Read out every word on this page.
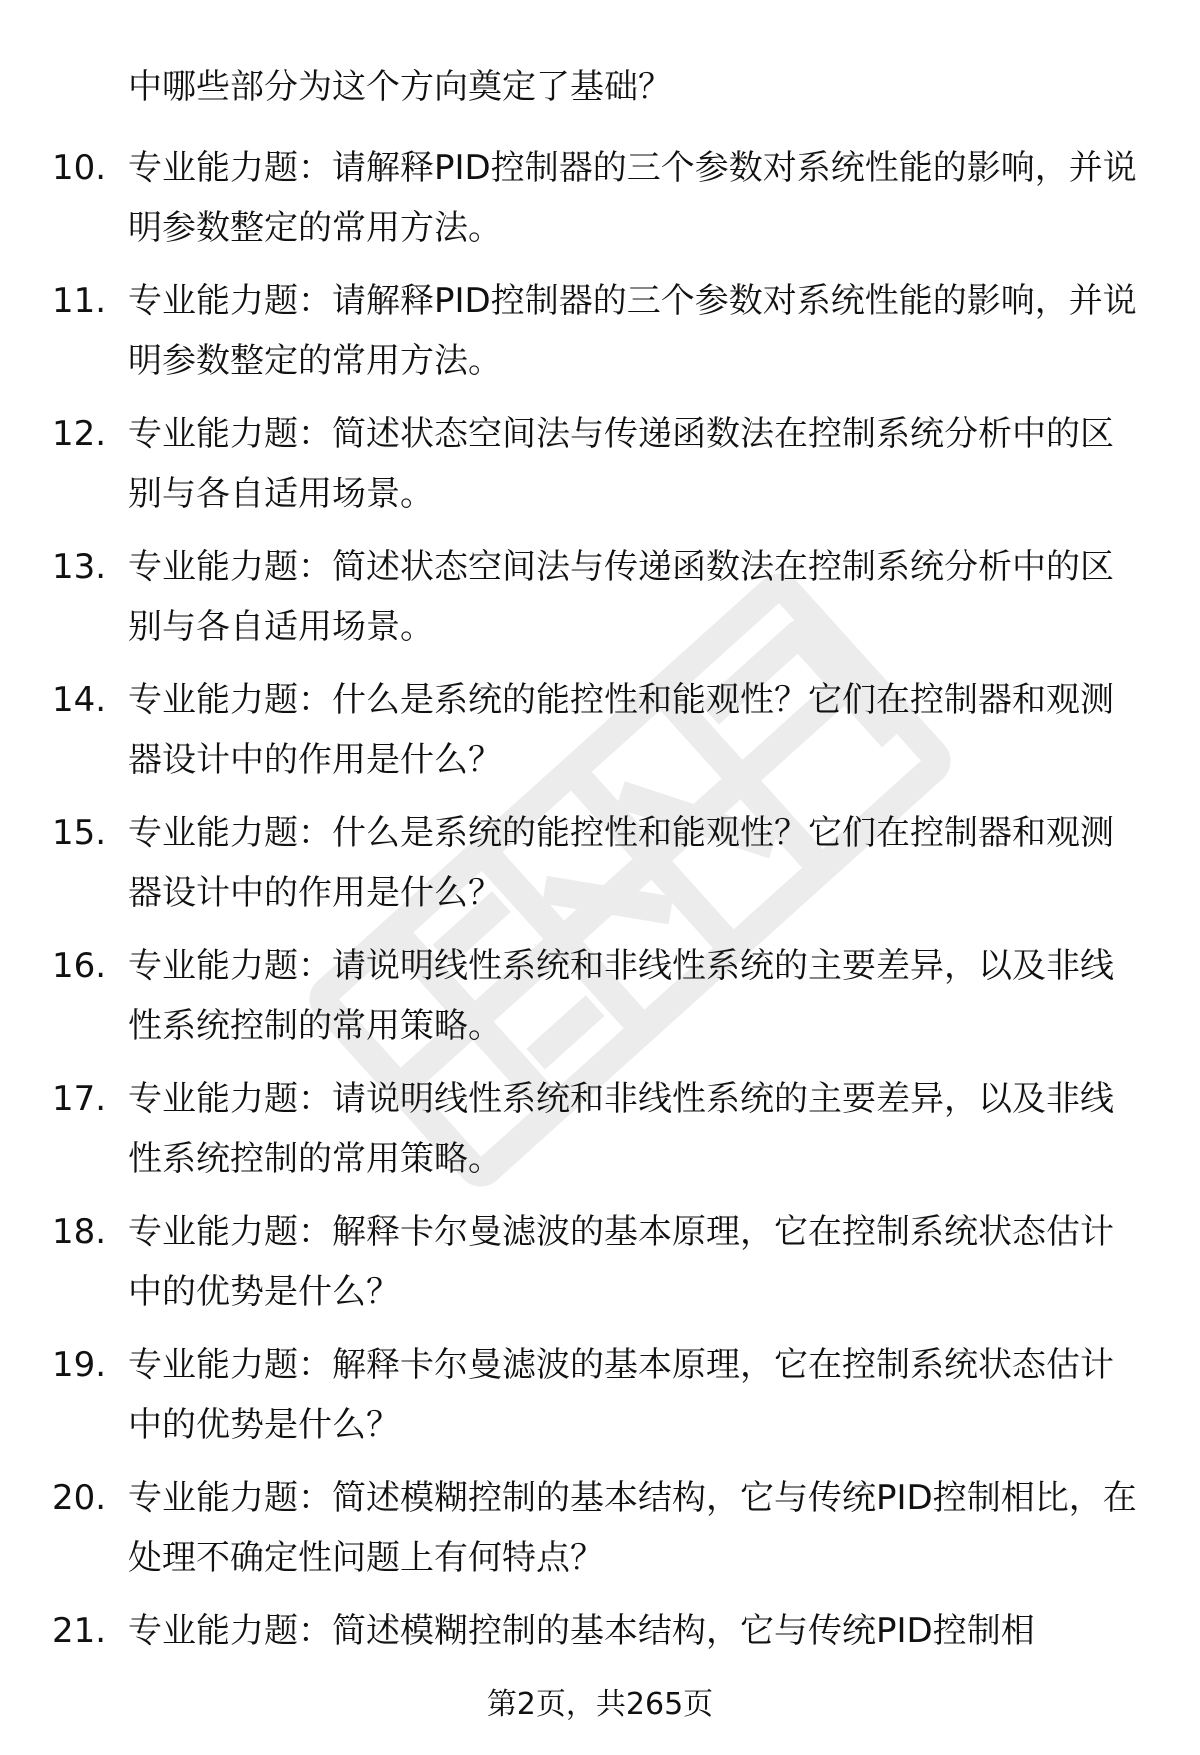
中哪些部分为这个方向奠定了基础？
10. 专业能力题：请解释PID控制器的三个参数对系统性能的影响，并说明参数整定的常用方法。
11. 专业能力题：请解释PID控制器的三个参数对系统性能的影响，并说明参数整定的常用方法。
12. 专业能力题：简述状态空间法与传递函数法在控制系统分析中的区别与各自适用场景。
13. 专业能力题：简述状态空间法与传递函数法在控制系统分析中的区别与各自适用场景。
14. 专业能力题：什么是系统的能控性和能观性？它们在控制器和观测器设计中的作用是什么？
15. 专业能力题：什么是系统的能控性和能观性？它们在控制器和观测器设计中的作用是什么？
16. 专业能力题：请说明线性系统和非线性系统的主要差异，以及非线性系统控制的常用策略。
17. 专业能力题：请说明线性系统和非线性系统的主要差异，以及非线性系统控制的常用策略。
18. 专业能力题：解释卡尔曼滤波的基本原理，它在控制系统状态估计中的优势是什么？
19. 专业能力题：解释卡尔曼滤波的基本原理，它在控制系统状态估计中的优势是什么？
20. 专业能力题：简述模糊控制的基本结构，它与传统PID控制相比，在处理不确定性问题上有何特点？
21. 专业能力题：简述模糊控制的基本结构，它与传统PID控制相
第2页，共265页
